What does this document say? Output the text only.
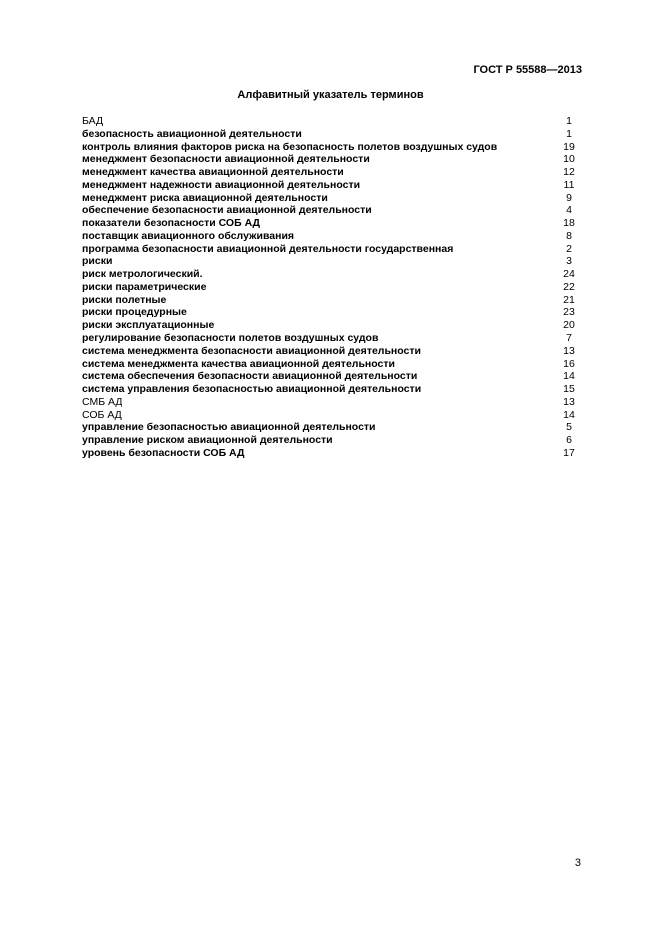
ГОСТ Р 55588—2013
Алфавитный указатель терминов
БАД	1
безопасность авиационной деятельности	1
контроль влияния факторов риска на безопасность полетов воздушных судов	19
менеджмент безопасности авиационной деятельности	10
менеджмент качества авиационной деятельности	12
менеджмент надежности авиационной деятельности	11
менеджмент риска авиационной деятельности	9
обеспечение безопасности авиационной деятельности	4
показатели безопасности СОБ АД	18
поставщик авиационного обслуживания	8
программа безопасности авиационной деятельности государственная	2
риски	3
риск метрологический.	24
риски параметрические	22
риски полетные	21
риски процедурные	23
риски эксплуатационные	20
регулирование безопасности полетов воздушных судов	7
система менеджмента безопасности авиационной деятельности	13
система менеджмента качества авиационной деятельности	16
система обеспечения безопасности авиационной деятельности	14
система управления безопасностью авиационной деятельности	15
СМБ АД	13
СОБ АД	14
управление безопасностью авиационной деятельности	5
управление риском авиационной деятельности	6
уровень безопасности СОБ АД	17
3
